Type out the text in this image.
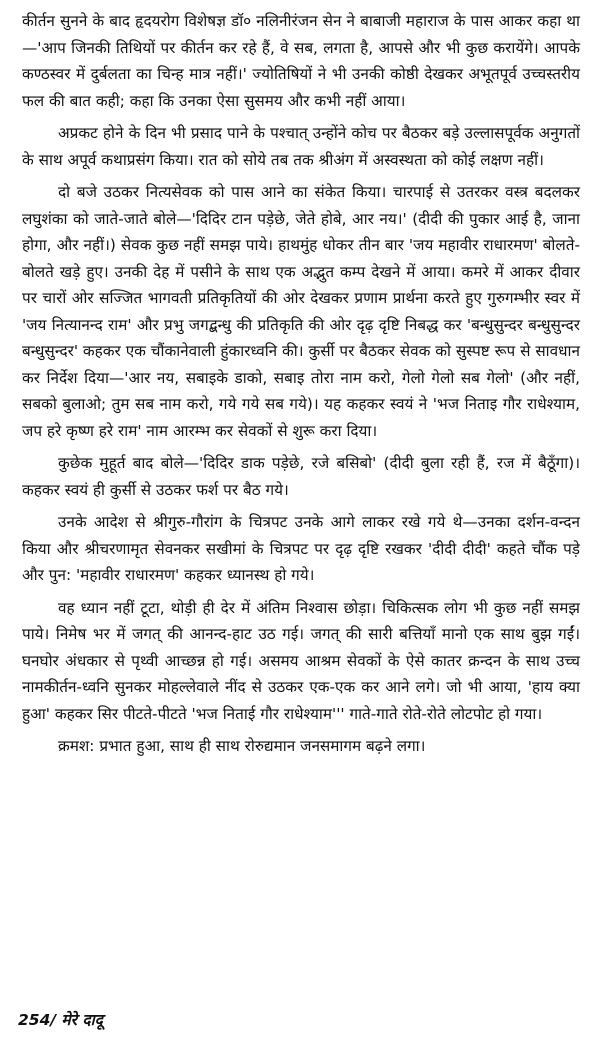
कीर्तन सुनने के बाद हृदयरोग विशेषज्ञ डॉ० नलिनीरंजन सेन ने बाबाजी महाराज के पास आकर कहा था—'आप जिनकी तिथियों पर कीर्तन कर रहे हैं, वे सब, लगता है, आपसे और भी कुछ करायेंगे। आपके कण्ठस्वर में दुर्बलता का चिन्ह मात्र नहीं।' ज्योतिषियों ने भी उनकी कोष्ठी देखकर अभूतपूर्व उच्चस्तरीय फल की बात कही; कहा कि उनका ऐसा सुसमय और कभी नहीं आया।

अप्रकट होने के दिन भी प्रसाद पाने के पश्चात् उन्होंने कोच पर बैठकर बड़े उल्लासपूर्वक अनुगतों के साथ अपूर्व कथाप्रसंग किया। रात को सोये तब तक श्रीअंग में अस्वस्थता को कोई लक्षण नहीं।

दो बजे उठकर नित्यसेवक को पास आने का संकेत किया। चारपाई से उतरकर वस्त्र बदलकर लघुशंका को जाते-जाते बोले—'दिदिर टान पड़ेछे, जेते होबे, आर नय।' (दीदी की पुकार आई है, जाना होगा, और नहीं।) सेवक कुछ नहीं समझ पाये। हाथमुंह धोकर तीन बार 'जय महावीर राधारमण' बोलते-बोलते खड़े हुए। उनकी देह में पसीने के साथ एक अद्भुत कम्प देखने में आया। कमरे में आकर दीवार पर चारों ओर सज्जित भागवती प्रतिकृतियों की ओर देखकर प्रणाम प्रार्थना करते हुए गुरुगम्भीर स्वर में 'जय नित्यानन्द राम' और प्रभु जगद्बन्धु की प्रतिकृति की ओर दृढ़ दृष्टि निबद्ध कर 'बन्धुसुन्दर बन्धुसुन्दर बन्धुसुन्दर' कहकर एक चौंकानेवाली हुंकारध्वनि की। कुर्सी पर बैठकर सेवक को सुस्पष्ट रूप से सावधान कर निर्देश दिया—'आर नय, सबाइके डाको, सबाइ तोरा नाम करो, गेलो गेलो सब गेलो' (और नहीं, सबको बुलाओ; तुम सब नाम करो, गये गये सब गये)। यह कहकर स्वयं ने 'भज निताइ गौर राधेश्याम, जप हरे कृष्ण हरे राम' नाम आरम्भ कर सेवकों से शुरू करा दिया।

कुछेक मुहूर्त बाद बोले—'दिदिर डाक पड़ेछे, रजे बसिबो' (दीदी बुला रही हैं, रज में बैठूँगा)। कहकर स्वयं ही कुर्सी से उठकर फर्श पर बैठ गये।

उनके आदेश से श्रीगुरु-गौरांग के चित्रपट उनके आगे लाकर रखे गये थे—उनका दर्शन-वन्दन किया और श्रीचरणामृत सेवनकर सखीमां के चित्रपट पर दृढ़ दृष्टि रखकर 'दीदी दीदी' कहते चौंक पड़े और पुन: 'महावीर राधारमण' कहकर ध्यानस्थ हो गये।

वह ध्यान नहीं टूटा, थोड़ी ही देर में अंतिम निश्वास छोड़ा। चिकित्सक लोग भी कुछ नहीं समझ पाये। निमेष भर में जगत् की आनन्द-हाट उठ गई। जगत् की सारी बत्तियाँ मानो एक साथ बुझ गईं। घनघोर अंधकार से पृथ्वी आच्छन्न हो गई। असमय आश्रम सेवकों के ऐसे कातर क्रन्दन के साथ उच्च नामकीर्तन-ध्वनि सुनकर मोहल्लेवाले नींद से उठकर एक-एक कर आने लगे। जो भी आया, 'हाय क्या हुआ' कहकर सिर पीटते-पीटते 'भज निताई गौर राधेश्याम''' गाते-गाते रोते-रोते लोटपोट हो गया।

क्रमश: प्रभात हुआ, साथ ही साथ रोरुद्यमान जनसमागम बढ़ने लगा।

254/ मेरे दादू
